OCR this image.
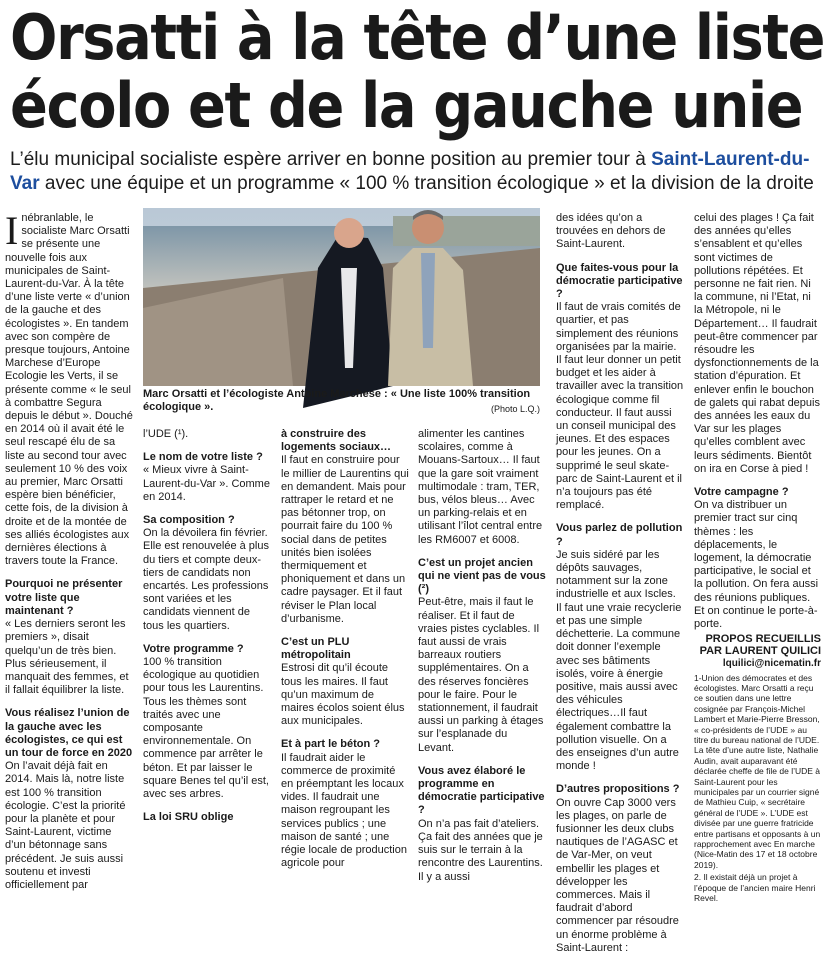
Orsatti à la tête d’une liste
écolo et de la gauche unie
L’élu municipal socialiste espère arriver en bonne position au premier tour à Saint-Laurent-du-Var avec une équipe et un programme « 100 % transition écologique » et la division de la droite

Inébranlable, le socialiste Marc Orsatti se présente une nouvelle fois aux municipales de Saint-Laurent-du-Var. À la tête d’une liste verte « d’union de la gauche et des écologistes ». En tandem avec son compère de presque toujours, Antoine Marchese d’Europe Ecologie les Verts, il se présente comme « le seul à combattre Segura depuis le début ». Douché en 2014 où il avait été le seul rescapé élu de sa liste au second tour avec seulement 10 % des voix au premier, Marc Orsatti espère bien bénéficier, cette fois, de la division à droite et de la montée de ses alliés écologistes aux dernières élections à travers toute la France.

Pourquoi ne présenter votre liste que maintenant ?

« Les derniers seront les premiers », disait quelqu’un de très bien. Plus sérieusement, il manquait des femmes, et il fallait équilibrer la liste.

Vous réalisez l’union de la gauche avec les écologistes, ce qui est un tour de force en 2020

On l’avait déjà fait en 2014. Mais là, notre liste est 100 % transition écologie. C’est la priorité pour la planète et pour Saint-Laurent, victime d’un bétonnage sans précédent. Je suis aussi soutenu et investi officiellement par

Marc Orsatti et l’écologiste Antoine Marchese : « Une liste 100% transition écologique ».	(Photo L.Q.)

l’UDE (¹).

Le nom de votre liste ?

« Mieux vivre à Saint-Laurent-du-Var ». Comme en 2014.

Sa composition ?

On la dévoilera fin février. Elle est renouvelée à plus du tiers et compte deux-tiers de candidats non encartés. Les professions sont variées et les candidats viennent de tous les quartiers.

Votre programme ?

100 % transition écologique au quotidien pour tous les Laurentins. Tous les thèmes sont traités avec une composante environnementale. On commence par arrêter le béton. Et par laisser le square Benes tel qu’il est, avec ses arbres.

La loi SRU oblige
à construire des logements sociaux…

Il faut en construire pour le millier de Laurentins qui en demandent. Mais pour rattraper le retard et ne pas bétonner trop, on pourrait faire du 100 % social dans de petites unités bien isolées thermiquement et phoniquement et dans un cadre paysager. Et il faut réviser le Plan local d’urbanisme.

C’est un PLU métropolitain

Estrosi dit qu’il écoute tous les maires. Il faut qu’un maximum de maires écolos soient élus aux municipales.

Et à part le béton ?

Il faudrait aider le commerce de proximité en préemptant les locaux vides. Il faudrait une maison regroupant les services publics ; une maison de santé ; une régie locale de production agricole pour

alimenter les cantines scolaires, comme à Mouans-Sartoux… Il faut que la gare soit vraiment multimodale : tram, TER, bus, vélos bleus… Avec un parking-relais et en utilisant l’îlot central entre les RM6007 et 6008.

C’est un projet ancien qui ne vient pas de vous (²)

Peut-être, mais il faut le réaliser. Et il faut de vraies pistes cyclables. Il faut aussi de vrais barreaux routiers supplémentaires. On a des réserves foncières pour le faire. Pour le stationnement, il faudrait aussi un parking à étages sur l’esplanade du Levant.

Vous avez élaboré le programme en démocratie participative ?

On n’a pas fait d’ateliers. Ça fait des années que je suis sur le terrain à la rencontre des Laurentins. Il y a aussi

des idées qu’on a trouvées en dehors de Saint-Laurent.

Que faites-vous pour la démocratie participative ?

Il faut de vrais comités de quartier, et pas simplement des réunions organisées par la mairie. Il faut leur donner un petit budget et les aider à travailler avec la transition écologique comme fil conducteur. Il faut aussi un conseil municipal des jeunes. Et des espaces pour les jeunes. On a supprimé le seul skate-parc de Saint-Laurent et il n’a toujours pas été remplacé.

Vous parlez de pollution ?

Je suis sidéré par les dépôts sauvages, notamment sur la zone industrielle et aux Iscles. Il faut une vraie recyclerie et pas une simple déchetterie. La commune doit donner l’exemple avec ses bâtiments isolés, voire à énergie positive, mais aussi avec des véhicules électriques…Il faut également combattre la pollution visuelle. On a des enseignes d’un autre monde !

D’autres propositions ?

On ouvre Cap 3000 vers les plages, on parle de fusionner les deux clubs nautiques de l’AGASC et de Var-Mer, on veut embellir les plages et développer les commerces. Mais il faudrait d’abord commencer par résoudre un énorme problème à Saint-Laurent :

celui des plages ! Ça fait des années qu’elles s’ensablent et qu’elles sont victimes de pollutions répétées. Et personne ne fait rien. Ni la commune, ni l’Etat, ni la Métropole, ni le Département… Il faudrait peut-être commencer par résoudre les dysfonctionnements de la station d’épuration. Et enlever enfin le bouchon de galets qui rabat depuis des années les eaux du Var sur les plages qu’elles comblent avec leurs sédiments. Bientôt on ira en Corse à pied !

Votre campagne ?

On va distribuer un premier tract sur cinq thèmes : les déplacements, le logement, la démocratie participative, le social et la pollution. On fera aussi des réunions publiques. Et on continue le porte-à-porte.

PROPOS RECUEILLIS
PAR LAURENT QUILICI
lquilici@nicematin.fr

1-Union des démocrates et des écologistes. Marc Orsatti a reçu ce soutien dans une lettre cosignée par François-Michel Lambert et Marie-Pierre Bresson, « co-présidents de l’UDE » au titre du bureau national de l’UDE. La tête d’une autre liste, Nathalie Audin, avait auparavant été déclarée cheffe de file de l’UDE à Saint-Laurent pour les municipales par un courrier signé de Mathieu Cuip, « secrétaire général de l’UDE ». L’UDE est divisée par une guerre fratricide entre partisans et opposants à un rapprochement avec En marche (Nice-Matin des 17 et 18 octobre 2019).

2. Il existait déjà un projet à l’époque de l’ancien maire Henri Revel.
